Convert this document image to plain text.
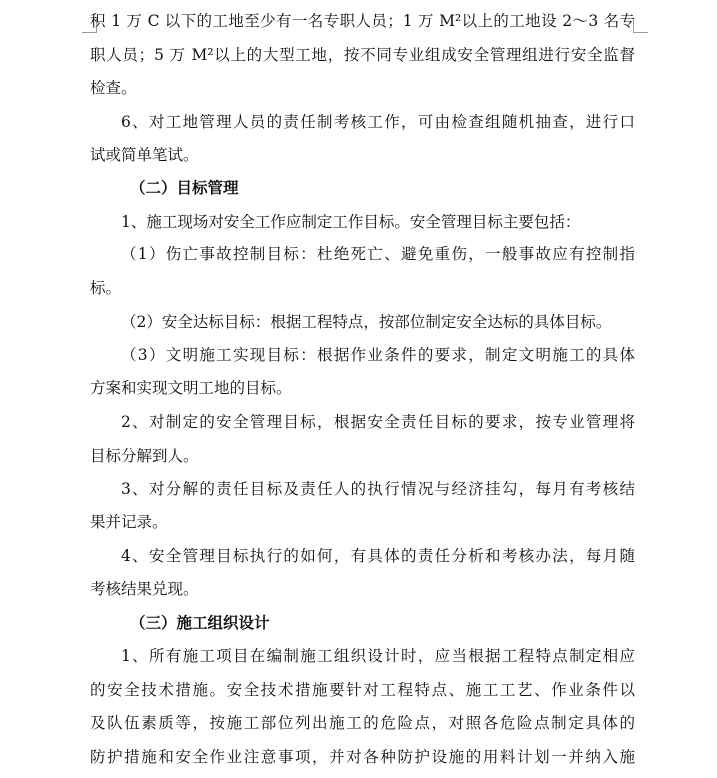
积 1 万 C 以下的工地至少有一名专职人员；1 万 M²以上的工地设 2～3 名专
职人员；5 万 M²以上的大型工地，按不同专业组成安全管理组进行安全监督
检查。
6、对工地管理人员的责任制考核工作，可由检查组随机抽查，进行口
试或简单笔试。
（二）目标管理
1、施工现场对安全工作应制定工作目标。安全管理目标主要包括：
（1）伤亡事故控制目标：杜绝死亡、避免重伤，一般事故应有控制指
标。
（2）安全达标目标：根据工程特点，按部位制定安全达标的具体目标。
（3）文明施工实现目标：根据作业条件的要求，制定文明施工的具体
方案和实现文明工地的目标。
2、对制定的安全管理目标，根据安全责任目标的要求，按专业管理将
目标分解到人。
3、对分解的责任目标及责任人的执行情况与经济挂勾，每月有考核结
果并记录。
4、安全管理目标执行的如何，有具体的责任分析和考核办法，每月随
考核结果兑现。
（三）施工组织设计
1、所有施工项目在编制施工组织设计时，应当根据工程特点制定相应
的安全技术措施。安全技术措施要针对工程特点、施工工艺、作业条件以
及队伍素质等，按施工部位列出施工的危险点，对照各危险点制定具体的
防护措施和安全作业注意事项，并对各种防护设施的用料计划一并纳入施
